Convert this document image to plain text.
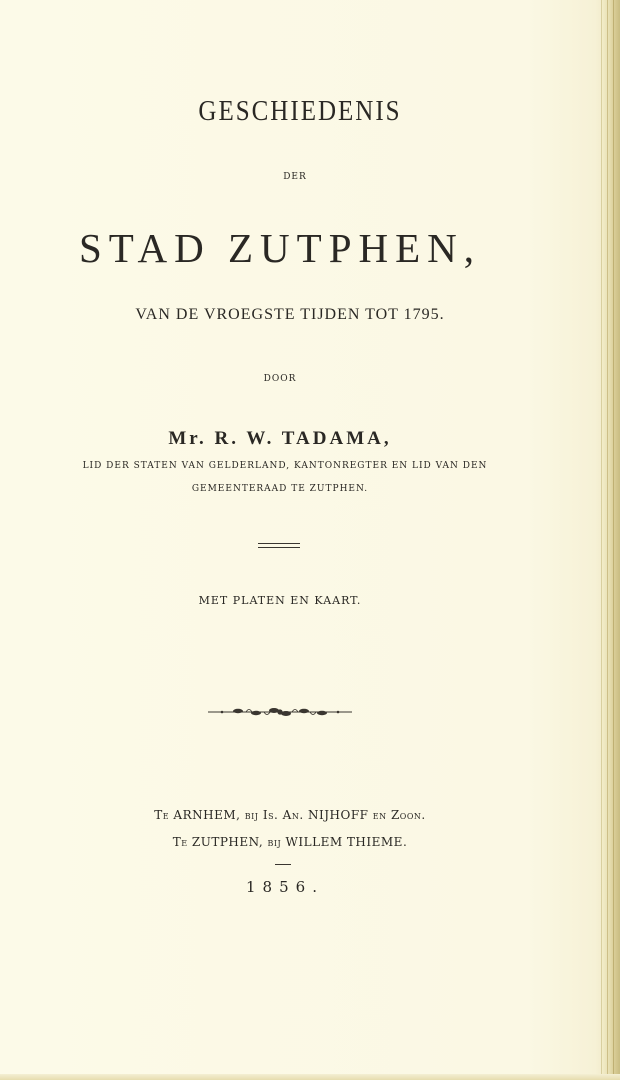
GESCHIEDENIS
DER
STAD ZUTPHEN,
VAN DE VROEGSTE TIJDEN TOT 1795.
DOOR
Mr. R. W. TADAMA,
LID DER STATEN VAN GELDERLAND, KANTONREGTER EN LID VAN DEN
GEMEENTERAAD TE ZUTPHEN.
MET PLATEN EN KAART.
Te ARNHEM, bij Is. An. NIJHOFF en Zoon.
Te ZUTPHEN, bij WILLEM THIEME.
1856.
